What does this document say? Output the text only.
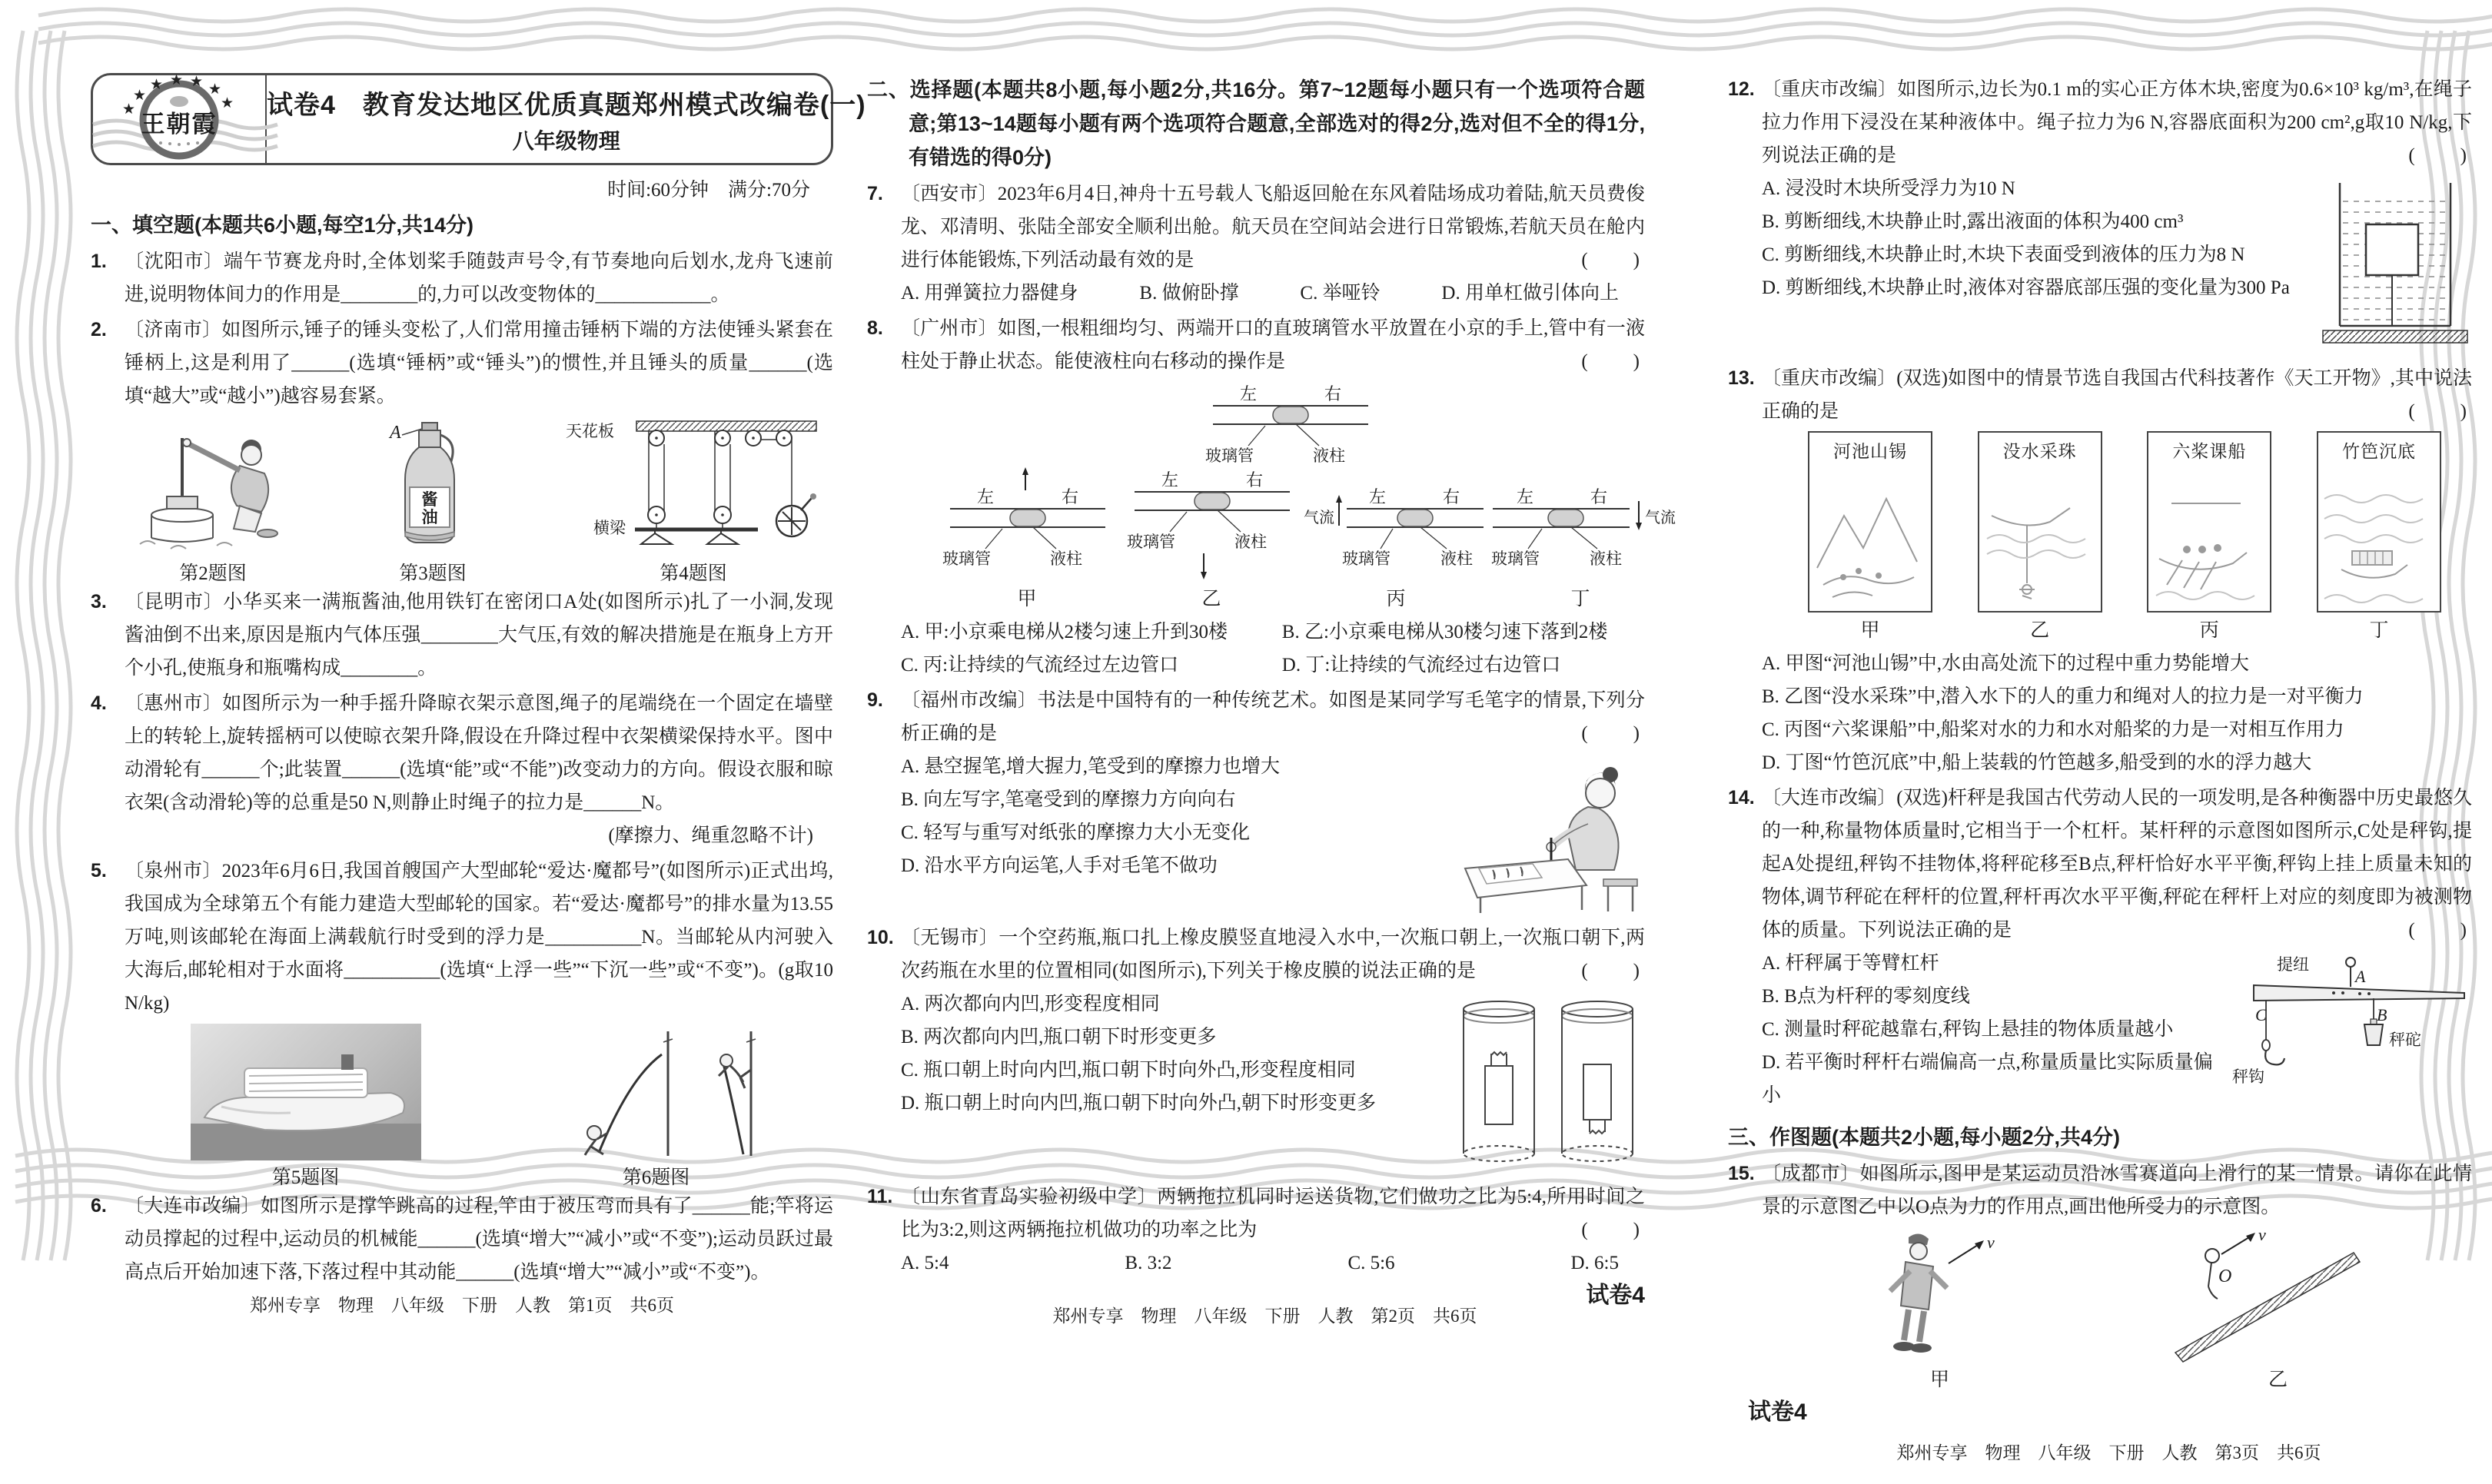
★
★ ★ ★ ★
★
★
王朝霞
试卷4　教育发达地区优质真题郑州模式改编卷(一)
八年级物理
时间:60分钟　满分:70分
一、填空题(本题共6小题,每空1分,共14分)
1. 〔沈阳市〕端午节赛龙舟时,全体划桨手随鼓声号令,有节奏地向后划水,龙舟飞速前进,说明物体间力的作用是________的,力可以改变物体的____________。
2. 〔济南市〕如图所示,锤子的锤头变松了,人们常用撞击锤柄下端的方法使锤头紧套在锤柄上,这是利用了______(选填“锤柄”或“锤头”)的惯性,并且锤头的质量______(选填“越大”或“越小”)越容易套紧。
第2题图
A
酱
油
第3题图
天花板
横梁
第4题图
3. 〔昆明市〕小华买来一满瓶酱油,他用铁钉在密闭口A处(如图所示)扎了一小洞,发现酱油倒不出来,原因是瓶内气体压强________大气压,有效的解决措施是在瓶身上方开个小孔,使瓶身和瓶嘴构成________。
4. 〔惠州市〕如图所示为一种手摇升降晾衣架示意图,绳子的尾端绕在一个固定在墙壁上的转轮上,旋转摇柄可以使晾衣架升降,假设在升降过程中衣架横梁保持水平。图中动滑轮有______个;此装置______(选填“能”或“不能”)改变动力的方向。假设衣服和晾衣架(含动滑轮)等的总重是50 N,则静止时绳子的拉力是______N。
(摩擦力、绳重忽略不计)
5. 〔泉州市〕2023年6月6日,我国首艘国产大型邮轮“爱达·魔都号”(如图所示)正式出坞,我国成为全球第五个有能力建造大型邮轮的国家。若“爱达·魔都号”的排水量为13.55万吨,则该邮轮在海面上满载航行时受到的浮力是__________N。当邮轮从内河驶入大海后,邮轮相对于水面将__________(选填“上浮一些”“下沉一些”或“不变”)。(g取10 N/kg)
第5题图	第6题图
6. 〔大连市改编〕如图所示是撑竿跳高的过程,竿由于被压弯而具有了______能;竿将运动员撑起的过程中,运动员的机械能______(选填“增大”“减小”或“不变”);运动员跃过最高点后开始加速下落,下落过程中其动能______(选填“增大”“减小”或“不变”)。
郑州专享　物理　八年级　下册　人教　第1页　共6页
二、选择题(本题共8小题,每小题2分,共16分。第7~12题每小题只有一个选项符合题意;第13~14题每小题有两个选项符合题意,全部选对的得2分,选对但不全的得1分,有错选的得0分)
7. 〔西安市〕2023年6月4日,神舟十五号载人飞船返回舱在东风着陆场成功着陆,航天员费俊龙、邓清明、张陆全部安全顺利出舱。航天员在空间站会进行日常锻炼,若航天员在舱内进行体能锻炼,下列活动最有效的是	(        )
A. 用弹簧拉力器健身	B. 做俯卧撑	C. 举哑铃	D. 用单杠做引体向上
8. 〔广州市〕如图,一根粗细均匀、两端开口的直玻璃管水平放置在小京的手上,管中有一液柱处于静止状态。能使液柱向右移动的操作是	(        )
左	右
玻璃管	液柱
左	右
玻璃管	液柱
甲
左	右
玻璃管	液柱
乙
气流
左	右
玻璃管	液柱
丙
左	右
玻璃管	液柱
气流
丁
A. 甲:小京乘电梯从2楼匀速上升到30楼	B. 乙:小京乘电梯从30楼匀速下落到2楼
C. 丙:让持续的气流经过左边管口	D. 丁:让持续的气流经过右边管口
9. 〔福州市改编〕书法是中国特有的一种传统艺术。如图是某同学写毛笔字的情景,下列分析正确的是	(        )
A. 悬空握笔,增大握力,笔受到的摩擦力也增大
B. 向左写字,笔毫受到的摩擦力方向向右
C. 轻写与重写对纸张的摩擦力大小无变化
D. 沿水平方向运笔,人手对毛笔不做功
10. 〔无锡市〕一个空药瓶,瓶口扎上橡皮膜竖直地浸入水中,一次瓶口朝上,一次瓶口朝下,两次药瓶在水里的位置相同(如图所示),下列关于橡皮膜的说法正确的是	(        )
A. 两次都向内凹,形变程度相同
B. 两次都向内凹,瓶口朝下时形变更多
C. 瓶口朝上时向内凹,瓶口朝下时向外凸,形变程度相同
D. 瓶口朝上时向内凹,瓶口朝下时向外凸,朝下时形变更多
11. 〔山东省青岛实验初级中学〕两辆拖拉机同时运送货物,它们做功之比为5:4,所用时间之比为3:2,则这两辆拖拉机做功的功率之比为	(        )
A. 5:4	B. 3:2	C. 5:6	D. 6:5

郑州专享　物理　八年级　下册　人教　第2页　共6页

试卷4

12. 〔重庆市改编〕如图所示,边长为0.1 m的实心正方体木块,密度为0.6×10³ kg/m³,在绳子拉力作用下浸没在某种液体中。绳子拉力为6 N,容器底面积为200 cm²,g取10 N/kg,下列说法正确的是	(        )
A. 浸没时木块所受浮力为10 N
B. 剪断细线,木块静止时,露出液面的体积为400 cm³
C. 剪断细线,木块静止时,木块下表面受到液体的压力为8 N
D. 剪断细线,木块静止时,液体对容器底部压强的变化量为300 Pa
13. 〔重庆市改编〕(双选)如图中的情景节选自我国古代科技著作《天工开物》,其中说法正确的是	(        )
河池山锡
甲
没水采珠
乙
六桨课船
丙
竹笆沉底
丁
A. 甲图“河池山锡”中,水由高处流下的过程中重力势能增大
B. 乙图“没水采珠”中,潜入水下的人的重力和绳对人的拉力是一对平衡力
C. 丙图“六桨课船”中,船桨对水的力和水对船桨的力是一对相互作用力
D. 丁图“竹笆沉底”中,船上装载的竹笆越多,船受到的水的浮力越大
14. 〔大连市改编〕(双选)杆秤是我国古代劳动人民的一项发明,是各种衡器中历史最悠久的一种,称量物体质量时,它相当于一个杠杆。某杆秤的示意图如图所示,C处是秤钩,提起A处提纽,秤钩不挂物体,将秤砣移至B点,秤杆恰好水平平衡,秤钩上挂上质量未知的物体,调节秤砣在秤杆的位置,秤杆再次水平平衡,秤砣在秤杆上对应的刻度即为被测物体的质量。下列说法正确的是	(        )
提纽
A
C	B
秤钩
秤砣
A. 杆秤属于等臂杠杆
B. B点为杆秤的零刻度线
C. 测量时秤砣越靠右,秤钩上悬挂的物体质量越小
D. 若平衡时秤杆右端偏高一点,称量质量比实际质量偏小
三、作图题(本题共2小题,每小题2分,共4分)
15. 〔成都市〕如图所示,图甲是某运动员沿冰雪赛道向上滑行的某一情景。请你在此情景的示意图乙中以O点为力的作用点,画出他所受力的示意图。
v
甲
O
v
乙

试卷4

郑州专享　物理　八年级　下册　人教　第3页　共6页
